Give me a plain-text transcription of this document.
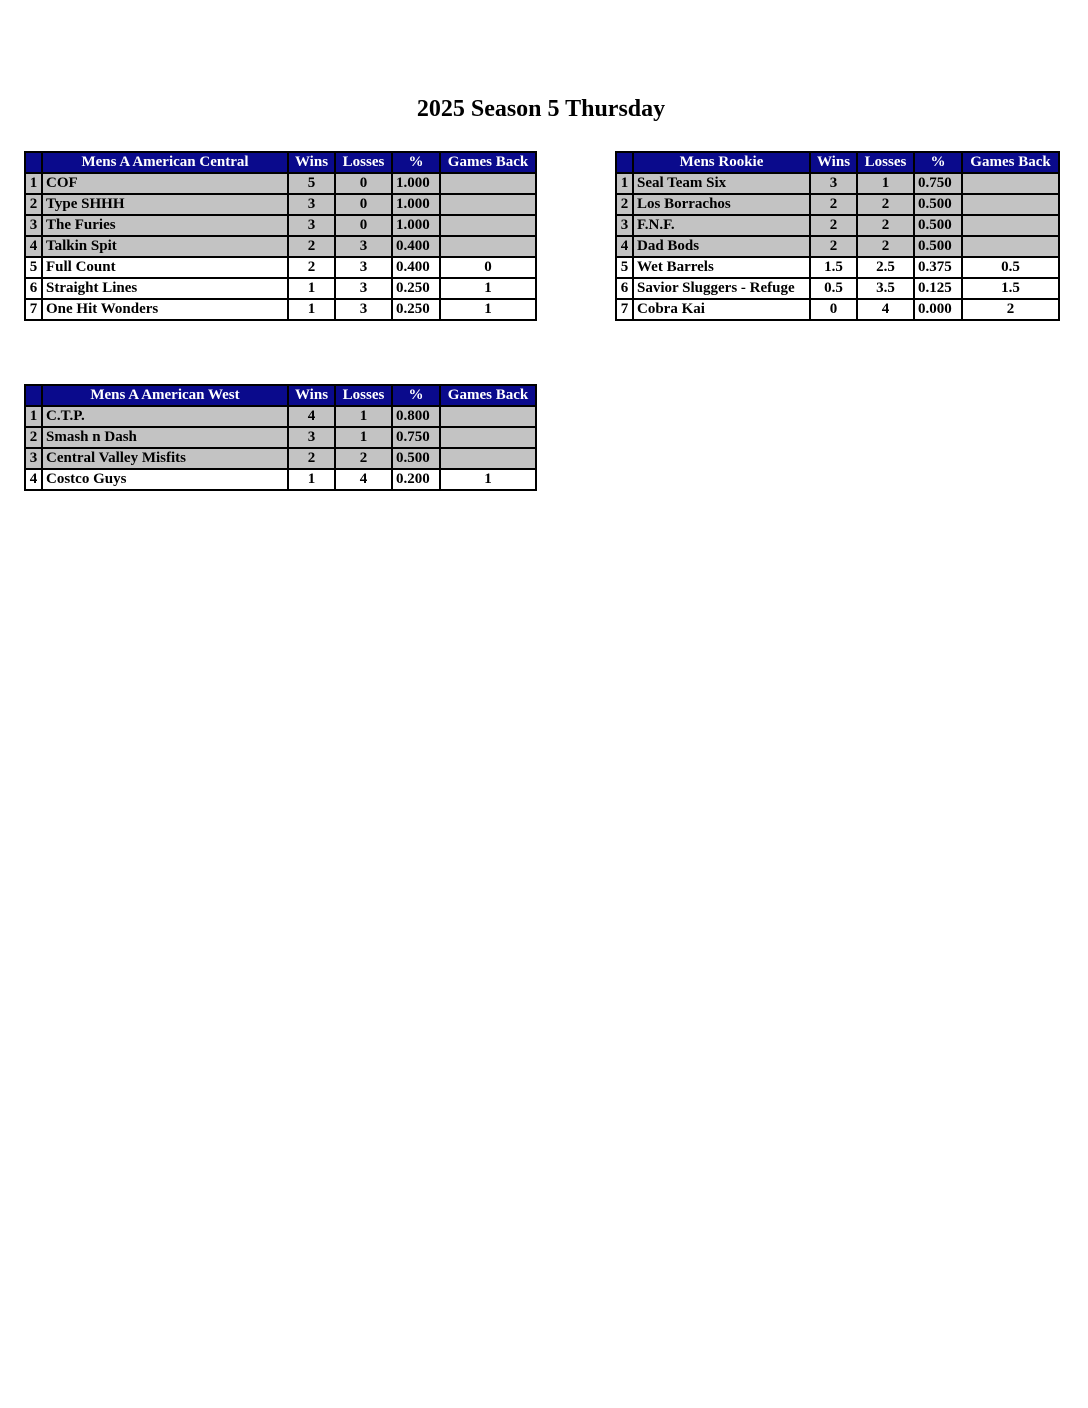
2025 Season 5 Thursday
	Mens A American Central	Wins	Losses	%	Games Back
1	COF	5	0	1.000	
2	Type SHHH	3	0	1.000	
3	The Furies	3	0	1.000	
4	Talkin Spit	2	3	0.400	
5	Full Count	2	3	0.400	0
6	Straight Lines	1	3	0.250	1
7	One Hit Wonders	1	3	0.250	1
	Mens Rookie	Wins	Losses	%	Games Back
1	Seal Team Six	3	1	0.750	
2	Los Borrachos	2	2	0.500	
3	F.N.F.	2	2	0.500	
4	Dad Bods	2	2	0.500	
5	Wet Barrels	1.5	2.5	0.375	0.5
6	Savior Sluggers - Refuge	0.5	3.5	0.125	1.5
7	Cobra Kai	0	4	0.000	2
	Mens A American West	Wins	Losses	%	Games Back
1	C.T.P.	4	1	0.800	
2	Smash n Dash	3	1	0.750	
3	Central Valley Misfits	2	2	0.500	
4	Costco Guys	1	4	0.200	1
